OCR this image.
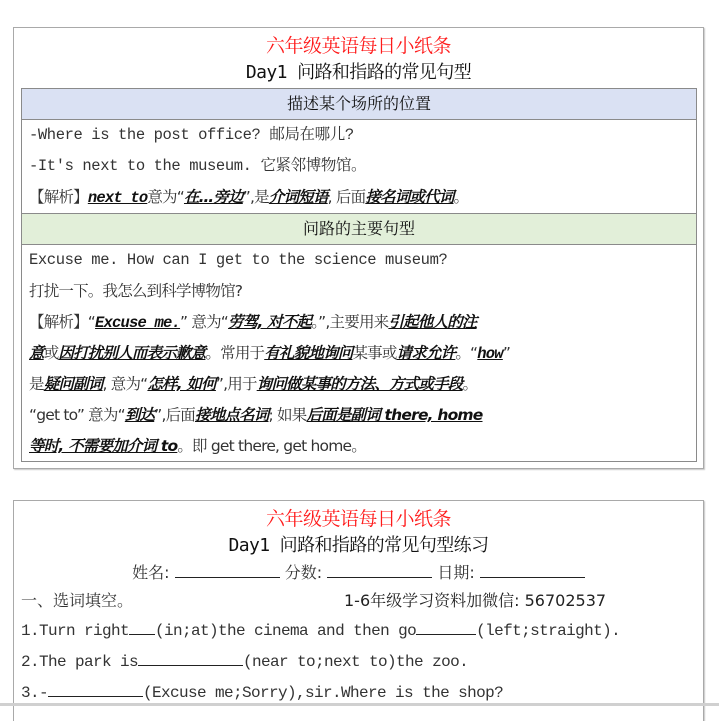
六年级英语每日小纸条
Day1 问路和指路的常见句型
描述某个场所的位置
-Where is the post office? 邮局在哪儿?
-It's next to the museum. 它紧邻博物馆。
【解析】next to意为“在…旁边”,是介词短语, 后面接名词或代词。
问路的主要句型
Excuse me. How can I get to the science museum?
打扰一下。我怎么到科学博物馆?
【解析】“Excuse me.” 意为“劳驾, 对不起。”,主要用来引起他人的注
意或因打扰别人而表示歉意。常用于有礼貌地询问某事或请求允许。“how”
是疑问副词, 意为“怎样, 如何”,用于询问做某事的方法、方式或手段。
“get to” 意为“到达”,后面接地点名词; 如果后面是副词 there, home
等时, 不需要加介词 to。即 get there, get home。
六年级英语每日小纸条
Day1 问路和指路的常见句型练习
姓名:	分数:	日期:
一、选词填空。	1-6年级学习资料加微信: 56702537
1.Turn right (in;at)the cinema and then go	(left;straight).
2.The park is	(near to;next to)the zoo.
3.-	(Excuse me;Sorry),sir.Where is the shop?
